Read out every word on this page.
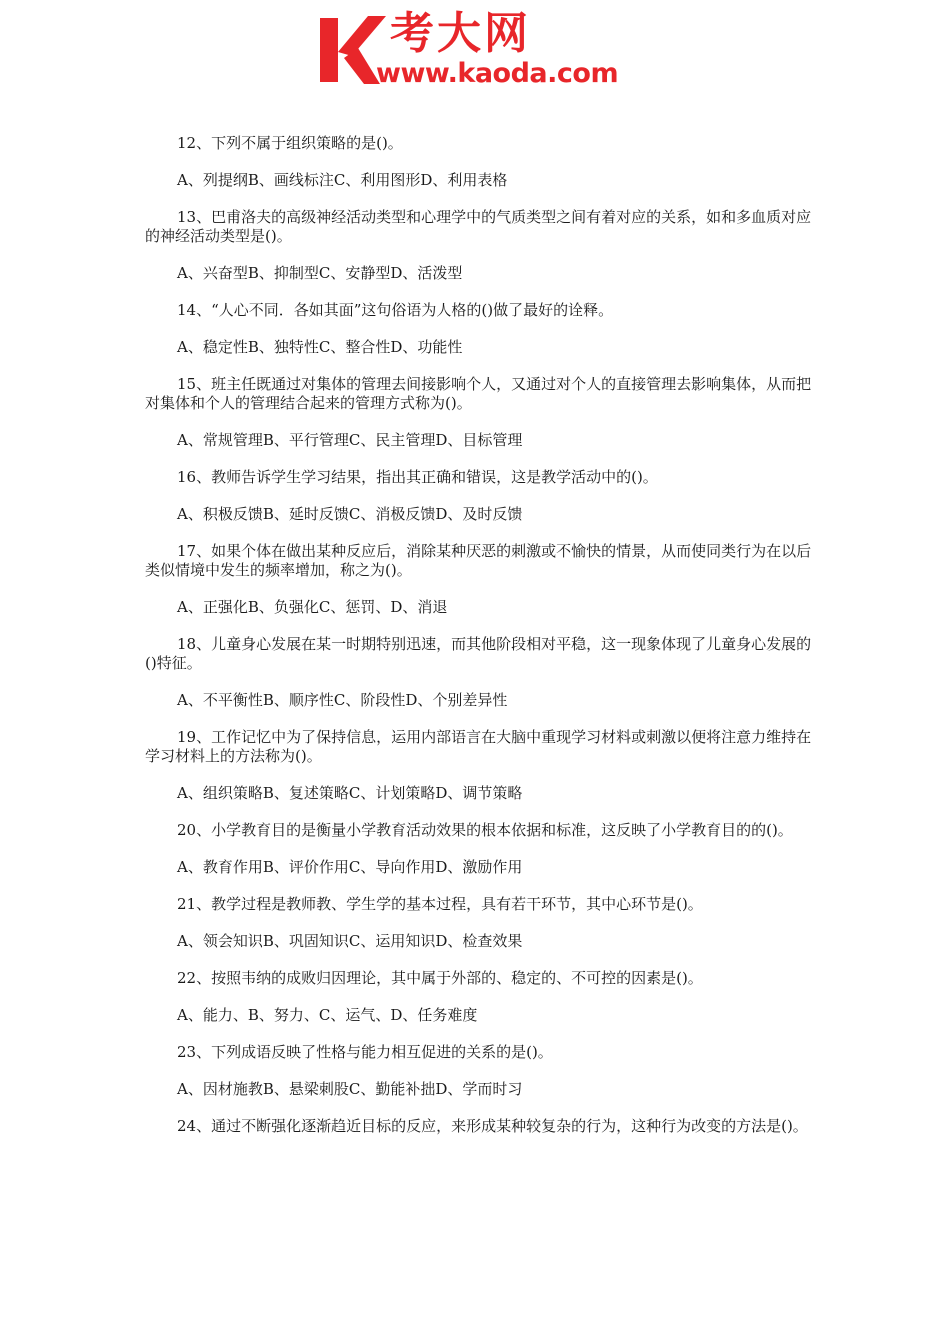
考大网
www.kaoda.com

12、下列不属于组织策略的是()。

A、列提纲B、画线标注C、利用图形D、利用表格

13、巴甫洛夫的高级神经活动类型和心理学中的气质类型之间有着对应的关系，如和多血质对应的神经活动类型是()。

A、兴奋型B、抑制型C、安静型D、活泼型

14、“人心不同．各如其面”这句俗语为人格的()做了最好的诠释。

A、稳定性B、独特性C、整合性D、功能性

15、班主任既通过对集体的管理去间接影响个人，又通过对个人的直接管理去影响集体，从而把对集体和个人的管理结合起来的管理方式称为()。

A、常规管理B、平行管理C、民主管理D、目标管理

16、教师告诉学生学习结果，指出其正确和错误，这是教学活动中的()。

A、积极反馈B、延时反馈C、消极反馈D、及时反馈

17、如果个体在做出某种反应后，消除某种厌恶的刺激或不愉快的情景，从而使同类行为在以后类似情境中发生的频率增加，称之为()。

A、正强化B、负强化C、惩罚、D、消退

18、儿童身心发展在某一时期特别迅速，而其他阶段相对平稳，这一现象体现了儿童身心发展的()特征。

A、不平衡性B、顺序性C、阶段性D、个别差异性

19、工作记忆中为了保持信息，运用内部语言在大脑中重现学习材料或刺激以便将注意力维持在学习材料上的方法称为()。

A、组织策略B、复述策略C、计划策略D、调节策略

20、小学教育目的是衡量小学教育活动效果的根本依据和标准，这反映了小学教育目的的()。

A、教育作用B、评价作用C、导向作用D、激励作用

21、教学过程是教师教、学生学的基本过程，具有若干环节，其中心环节是()。

A、领会知识B、巩固知识C、运用知识D、检查效果

22、按照韦纳的成败归因理论，其中属于外部的、稳定的、不可控的因素是()。

A、能力、B、努力、C、运气、D、任务难度

23、下列成语反映了性格与能力相互促进的关系的是()。

A、因材施教B、悬梁刺股C、勤能补拙D、学而时习

24、通过不断强化逐渐趋近目标的反应，来形成某种较复杂的行为，这种行为改变的方法是()。
